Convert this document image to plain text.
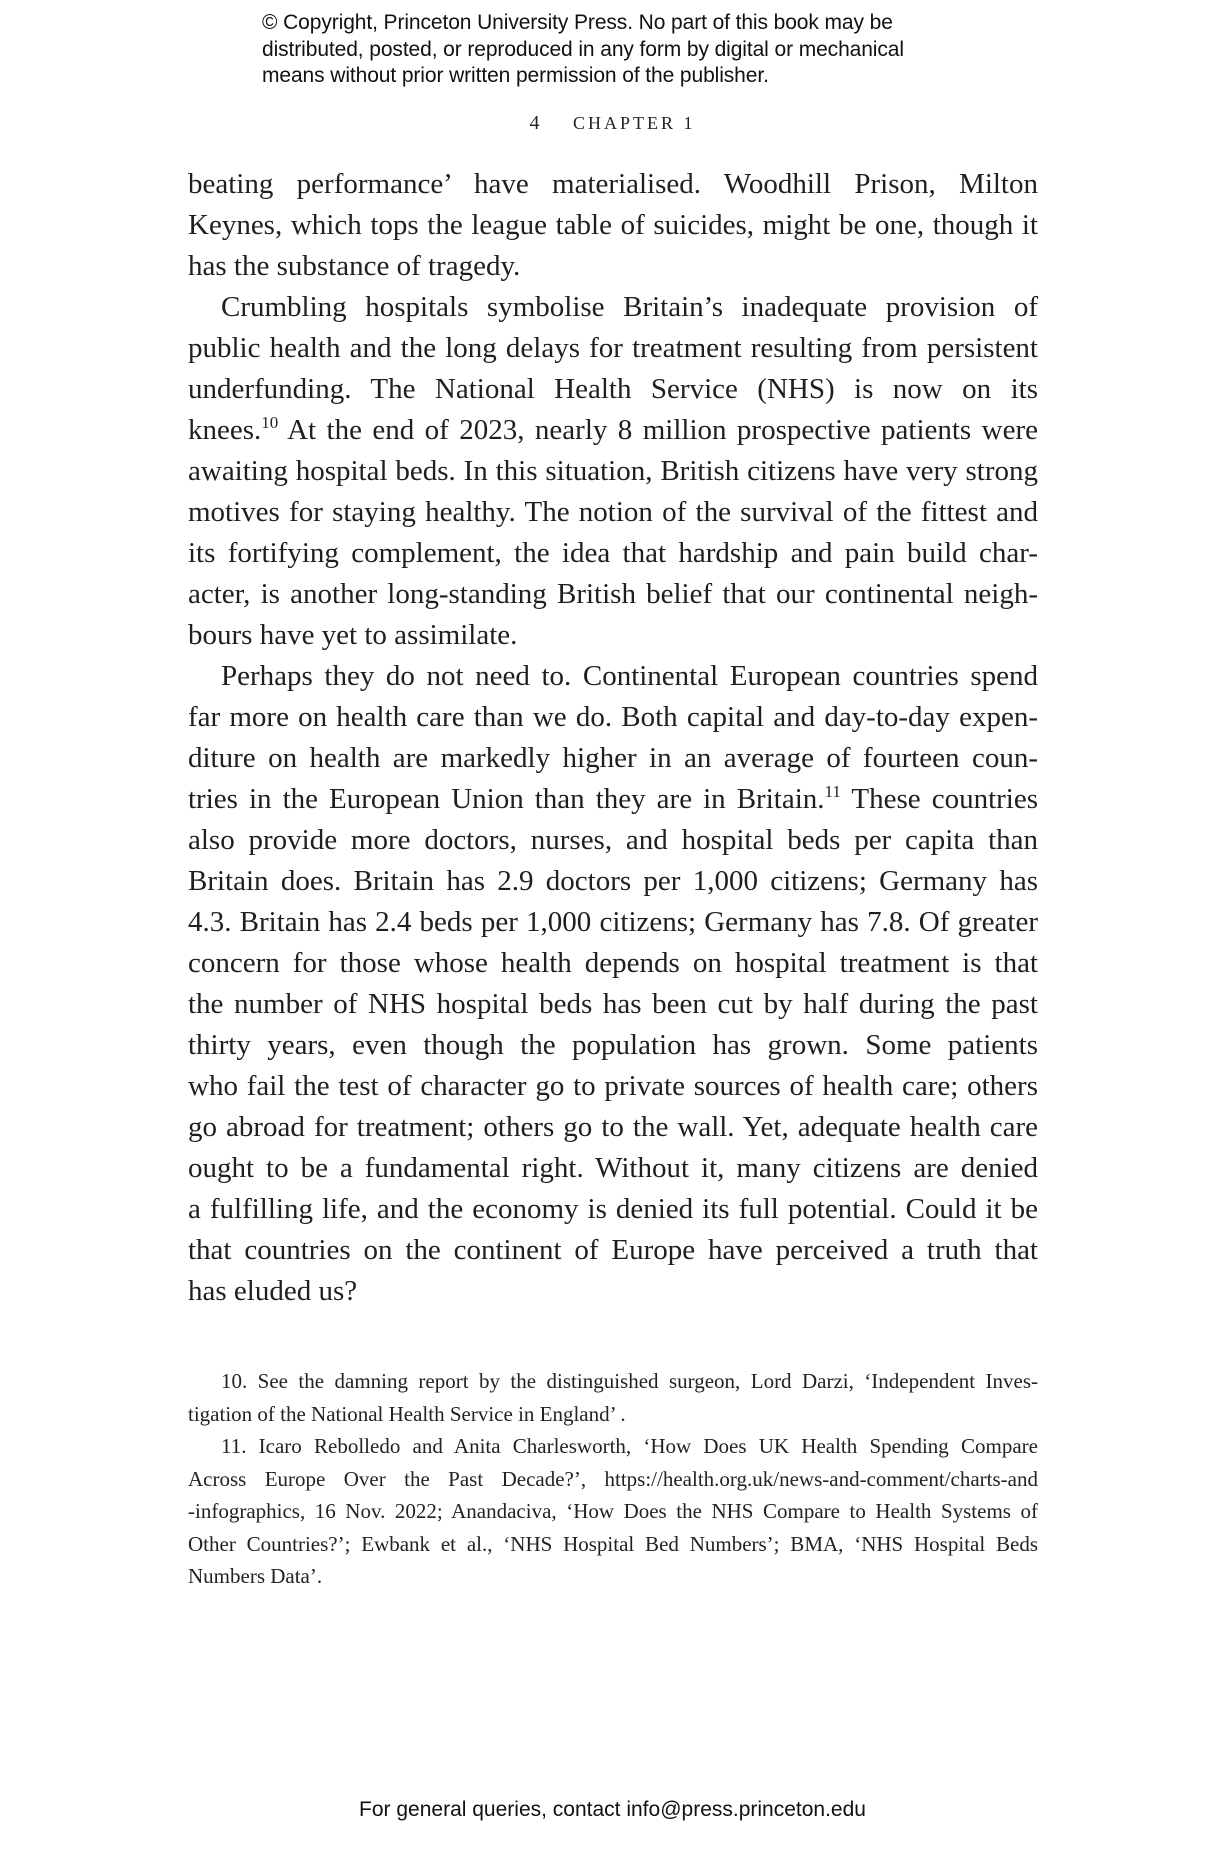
© Copyright, Princeton University Press. No part of this book may be
distributed, posted, or reproduced in any form by digital or mechanical
means without prior written permission of the publisher.
4 CHAPTER 1
beating performance’ have materialised. Woodhill Prison, Milton
Keynes, which tops the league table of suicides, might be one, though it
has the substance of tragedy.
Crumbling hospitals symbolise Britain’s inadequate provision of
public health and the long delays for treatment resulting from persistent
underfunding. The National Health Service (NHS) is now on its
knees.$^{10}$ At the end of 2023, nearly 8 million prospective patients were
awaiting hospital beds. In this situation, British citizens have very strong
motives for staying healthy. The notion of the survival of the fittest and
its fortifying complement, the idea that hardship and pain build char-
acter, is another long-standing British belief that our continental neigh-
bours have yet to assimilate.
Perhaps they do not need to. Continental European countries spend
far more on health care than we do. Both capital and day-to-day expen-
diture on health are markedly higher in an average of fourteen coun-
tries in the European Union than they are in Britain.$^{11}$ These countries
also provide more doctors, nurses, and hospital beds per capita than
Britain does. Britain has 2.9 doctors per 1,000 citizens; Germany has
4.3. Britain has 2.4 beds per 1,000 citizens; Germany has 7.8. Of greater
concern for those whose health depends on hospital treatment is that
the number of NHS hospital beds has been cut by half during the past
thirty years, even though the population has grown. Some patients
who fail the test of character go to private sources of health care; others
go abroad for treatment; others go to the wall. Yet, adequate health care
ought to be a fundamental right. Without it, many citizens are denied
a fulfilling life, and the economy is denied its full potential. Could it be
that countries on the continent of Europe have perceived a truth that
has eluded us?
10. See the damning report by the distinguished surgeon, Lord Darzi, ‘Independent Inves-
tigation of the National Health Service in England’ .
11. Icaro Rebolledo and Anita Charlesworth, ‘How Does UK Health Spending Compare
Across Europe Over the Past Decade?’, https://health.org.uk/news-and-comment/charts-and
-infographics, 16 Nov. 2022; Anandaciva, ‘How Does the NHS Compare to Health Systems of
Other Countries?’; Ewbank et al., ‘NHS Hospital Bed Numbers’; BMA, ‘NHS Hospital Beds
Numbers Data’.
For general queries, contact info@press.princeton.edu
